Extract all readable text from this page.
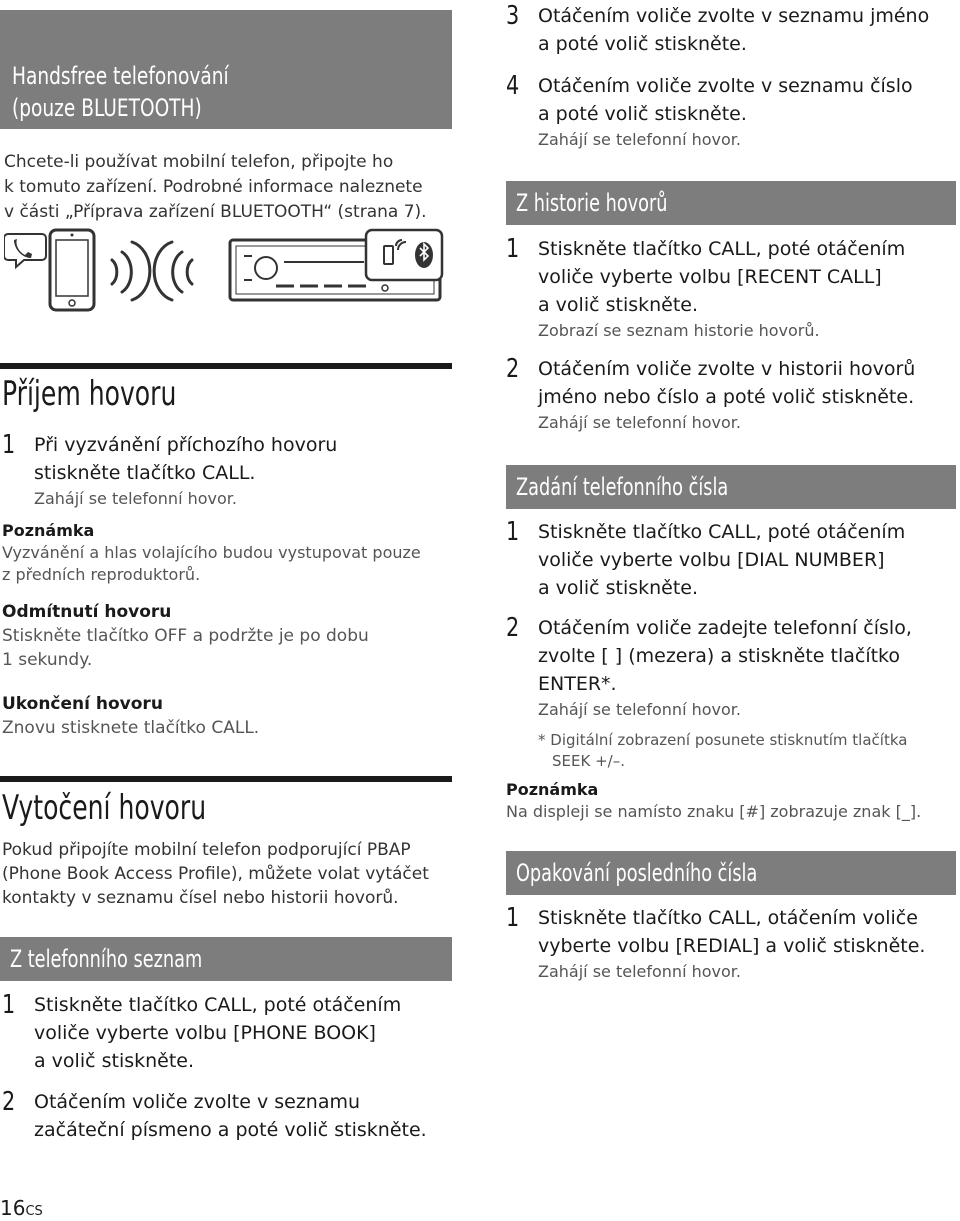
Handsfree telefonování
(pouze BLUETOOTH)
Chcete-li používat mobilní telefon, připojte ho
k tomuto zařízení. Podrobné informace naleznete
v části „Příprava zařízení BLUETOOTH“ (strana 7).
Příjem hovoru
1 Při vyzvánění příchozího hovoru
stiskněte tlačítko CALL.
Zahájí se telefonní hovor.
Poznámka
Vyzvánění a hlas volajícího budou vystupovat pouze
z předních reproduktorů.
Odmítnutí hovoru
Stiskněte tlačítko OFF a podržte je po dobu
1 sekundy.
Ukončení hovoru
Znovu stisknete tlačítko CALL.
Vytočení hovoru
Pokud připojíte mobilní telefon podporující PBAP
(Phone Book Access Profile), můžete volat vytáčet
kontakty v seznamu čísel nebo historii hovorů.
Z telefonního seznam
1 Stiskněte tlačítko CALL, poté otáčením
voliče vyberte volbu [PHONE BOOK]
a volič stiskněte.
2 Otáčením voliče zvolte v seznamu
začáteční písmeno a poté volič stiskněte.
16CS
3 Otáčením voliče zvolte v seznamu jméno
a poté volič stiskněte.
4 Otáčením voliče zvolte v seznamu číslo
a poté volič stiskněte.
Zahájí se telefonní hovor.
Z historie hovorů
1 Stiskněte tlačítko CALL, poté otáčením
voliče vyberte volbu [RECENT CALL]
a volič stiskněte.
Zobrazí se seznam historie hovorů.
2 Otáčením voliče zvolte v historii hovorů
jméno nebo číslo a poté volič stiskněte.
Zahájí se telefonní hovor.
Zadání telefonního čísla
1 Stiskněte tlačítko CALL, poté otáčením
voliče vyberte volbu [DIAL NUMBER]
a volič stiskněte.
2 Otáčením voliče zadejte telefonní číslo,
zvolte [ ] (mezera) a stiskněte tlačítko
ENTER*.
Zahájí se telefonní hovor.
* Digitální zobrazení posunete stisknutím tlačítka
SEEK +/–.
Poznámka
Na displeji se namísto znaku [#] zobrazuje znak [_].
Opakování posledního čísla
1 Stiskněte tlačítko CALL, otáčením voliče
vyberte volbu [REDIAL] a volič stiskněte.
Zahájí se telefonní hovor.
